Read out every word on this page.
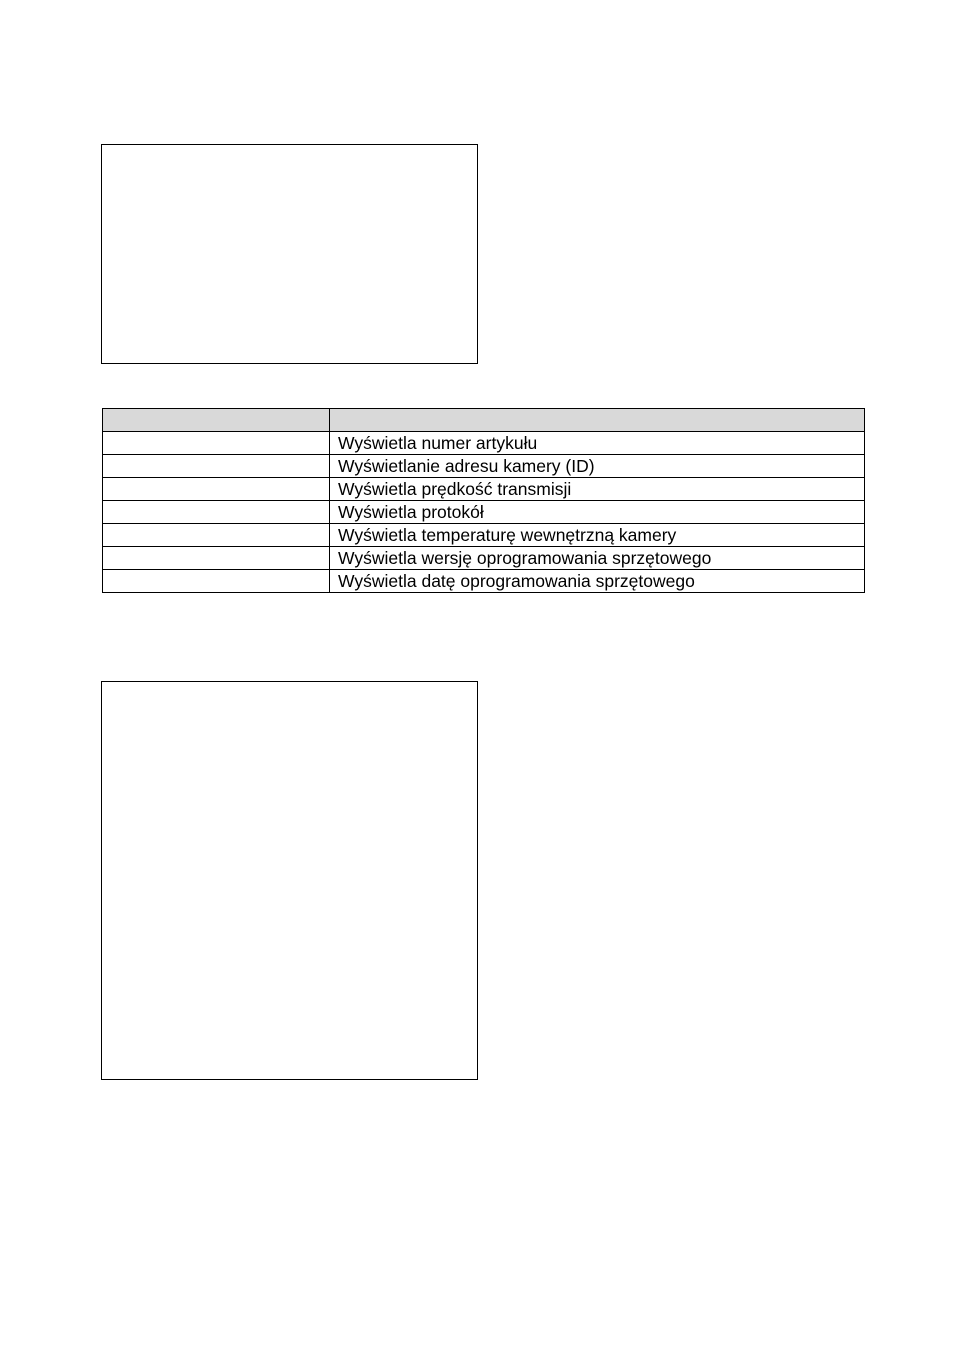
	Wyświetla numer artykułu
	Wyświetlanie adresu kamery (ID)
	Wyświetla prędkość transmisji
	Wyświetla protokół
	Wyświetla temperaturę wewnętrzną kamery
	Wyświetla wersję oprogramowania sprzętowego
	Wyświetla datę oprogramowania sprzętowego
